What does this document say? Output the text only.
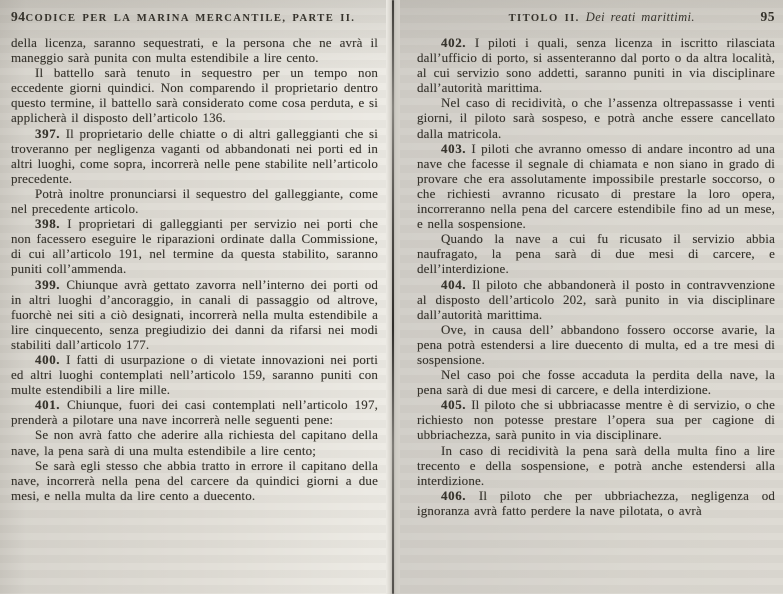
94 CODICE PER LA MARINA MERCANTILE, PARTE II.

della licenza, saranno sequestrati, e la persona che ne avrà il maneggio sarà punita con multa estendibile a lire cento.

Il battello sarà tenuto in sequestro per un tempo non eccedente giorni quindici. Non comparendo il proprietario dentro questo termine, il battello sarà considerato come cosa perduta, e si applicherà il disposto dell’articolo 136.

397. Il proprietario delle chiatte o di altri galleggianti che si troveranno per negligenza vaganti od abbandonati nei porti ed in altri luoghi, come sopra, incorrerà nelle pene stabilite nell’articolo precedente.

Potrà inoltre pronunciarsi il sequestro del galleggiante, come nel precedente articolo.

398. I proprietari di galleggianti per servizio nei porti che non facessero eseguire le riparazioni ordinate dalla Commissione, di cui all’articolo 191, nel termine da questa stabilito, saranno puniti coll’ammenda.

399. Chiunque avrà gettato zavorra nell’interno dei porti od in altri luoghi d’ancoraggio, in canali di passaggio od altrove, fuorchè nei siti a ciò designati, incorrerà nella multa estendibile a lire cinquecento, senza pregiudizio dei danni da rifarsi nei modi stabiliti dall’articolo 177.

400. I fatti di usurpazione o di vietate innovazioni nei porti ed altri luoghi contemplati nell’articolo 159, saranno puniti con multe estendibili a lire mille.

401. Chiunque, fuori dei casi contemplati nell’articolo 197, prenderà a pilotare una nave incorrerà nelle seguenti pene:

Se non avrà fatto che aderire alla richiesta del capitano della nave, la pena sarà di una multa estendibile a lire cento;

Se sarà egli stesso che abbia tratto in errore il capitano della nave, incorrerà nella pena del carcere da quindici giorni a due mesi, e nella multa da lire cento a duecento.

TITOLO II. Dei reati marittimi.	95

402. I piloti i quali, senza licenza in iscritto rilasciata dall’ufficio di porto, si assenteranno dal porto o da altra località, al cui servizio sono addetti, saranno puniti in via disciplinare dall’autorità marittima.

Nel caso di recidività, o che l’assenza oltrepassasse i venti giorni, il piloto sarà sospeso, e potrà anche essere cancellato dalla matricola.

403. I piloti che avranno omesso di andare incontro ad una nave che facesse il segnale di chiamata e non siano in grado di provare che era assolutamente impossibile prestarle soccorso, o che richiesti avranno ricusato di prestare la loro opera, incorreranno nella pena del carcere estendibile fino ad un mese, e nella sospensione.

Quando la nave a cui fu ricusato il servizio abbia naufragato, la pena sarà di due mesi di carcere, e dell’interdizione.

404. Il piloto che abbandonerà il posto in contravvenzione al disposto dell’articolo 202, sarà punito in via disciplinare dall’autorità marittima.

Ove, in causa dell’ abbandono fossero occorse avarie, la pena potrà estendersi a lire duecento di multa, ed a tre mesi di sospensione.

Nel caso poi che fosse accaduta la perdita della nave, la pena sarà di due mesi di carcere, e della interdizione.

405. Il piloto che si ubbriacasse mentre è di servizio, o che richiesto non potesse prestare l’opera sua per cagione di ubbriachezza, sarà punito in via disciplinare.

In caso di recidività la pena sarà della multa fino a lire trecento e della sospensione, e potrà anche estendersi alla interdizione.

406. Il piloto che per ubbriachezza, negligenza od ignoranza avrà fatto perdere la nave pilotata, o avrà
